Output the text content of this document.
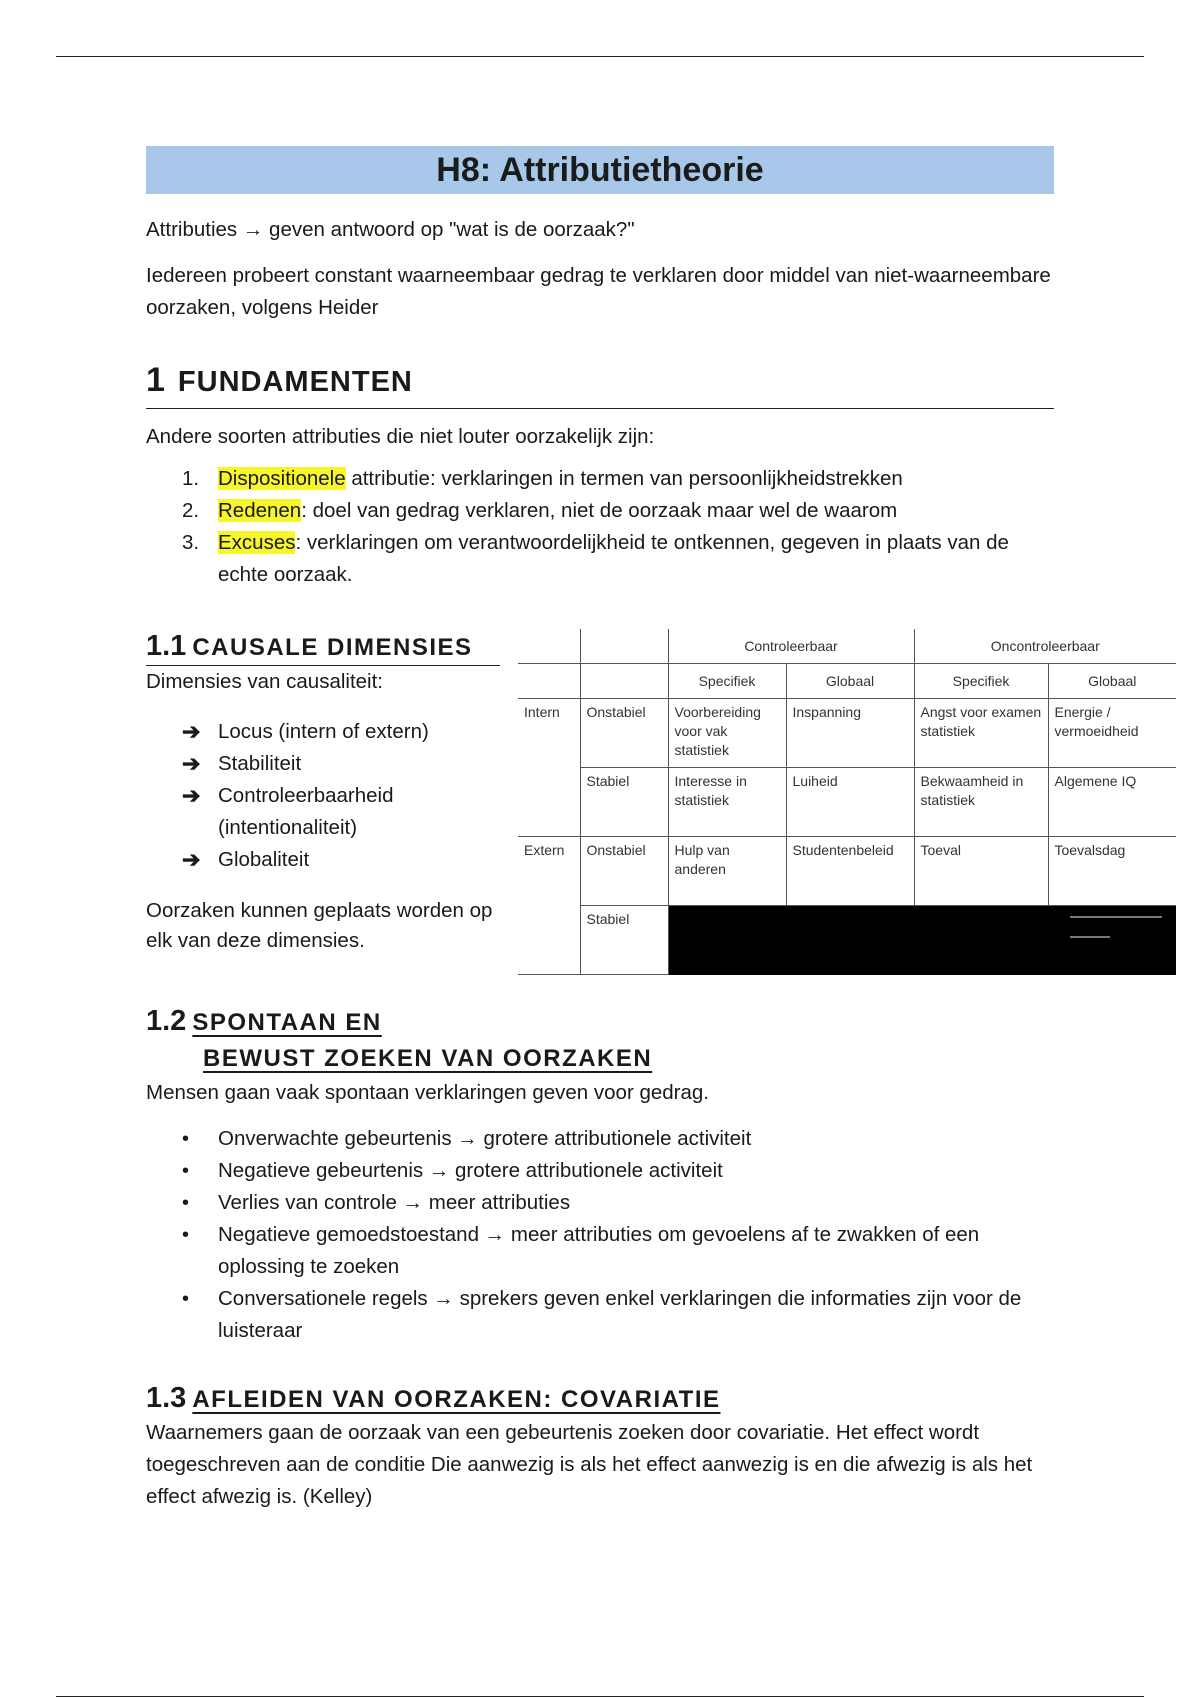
H8: Attributietheorie

Attributies → geven antwoord op "wat is de oorzaak?"

Iedereen probeert constant waarneembaar gedrag te verklaren door middel van niet-waarneembare oorzaken, volgens Heider

1 FUNDAMENTEN

Andere soorten attributies die niet louter oorzakelijk zijn:

1. Dispositionele attributie: verklaringen in termen van persoonlijkheidstrekken
2. Redenen: doel van gedrag verklaren, niet de oorzaak maar wel de waarom
3. Excuses: verklaringen om verantwoordelijkheid te ontkennen, gegeven in plaats van de echte oorzaak.
1.1 CAUSALE DIMENSIES

Dimensies van causaliteit:

➔ Locus (intern of extern)
➔ Stabiliteit
➔ Controleerbaarheid (intentionaliteit)
➔ Globaliteit

Oorzaken kunnen geplaats worden op elk van deze dimensies.

		Controleerbaar		Oncontroleerbaar	
		Specifiek	Globaal	Specifiek	Globaal
Intern	Onstabiel	Voorbereiding voor vak statistiek	Inspanning	Angst voor examen statistiek	Energie / vermoeidheid
	Stabiel	Interesse in statistiek	Luiheid	Bekwaamheid in statistiek	Algemene IQ
Extern	Onstabiel	Hulp van anderen	Studentenbeleid	Toeval	Toevalsdag
	Stabiel				
1.2 SPONTAAN EN
BEWUST ZOEKEN VAN OORZAKEN

Mensen gaan vaak spontaan verklaringen geven voor gedrag.

• Onverwachte gebeurtenis → grotere attributionele activiteit
• Negatieve gebeurtenis → grotere attributionele activiteit
• Verlies van controle → meer attributies
• Negatieve gemoedstoestand → meer attributies om gevoelens af te zwakken of een oplossing te zoeken
• Conversationele regels → sprekers geven enkel verklaringen die informaties zijn voor de luisteraar
1.3 AFLEIDEN VAN OORZAKEN: COVARIATIE

Waarnemers gaan de oorzaak van een gebeurtenis zoeken door covariatie. Het effect wordt toegeschreven aan de conditie Die aanwezig is als het effect aanwezig is en die afwezig is als het effect afwezig is. (Kelley)
